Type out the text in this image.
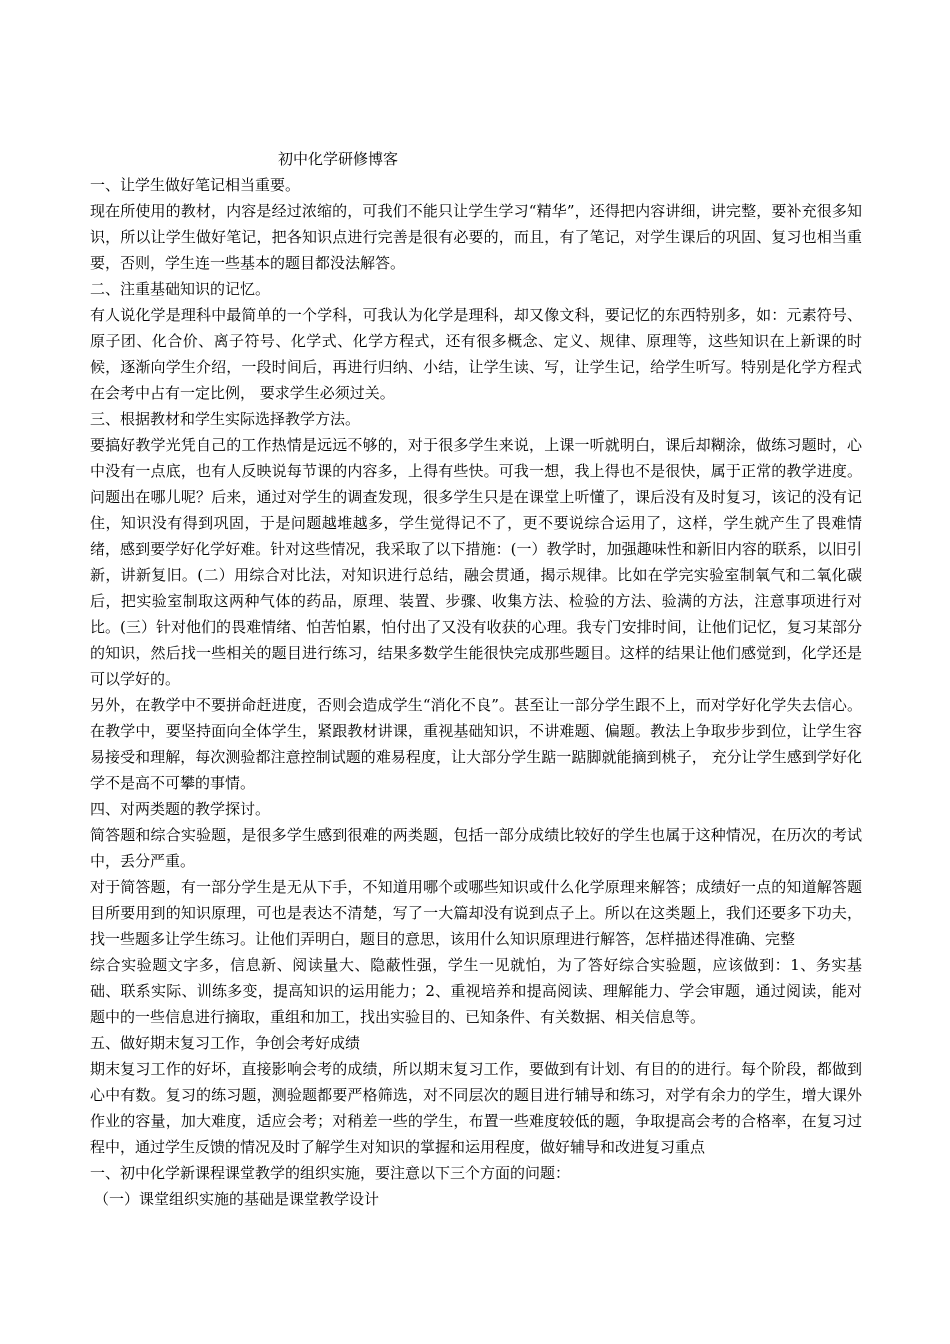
初中化学研修博客

一、让学生做好笔记相当重要。

现在所使用的教材，内容是经过浓缩的，可我们不能只让学生学习“精华”，还得把内容讲细，讲完整，要补充很多知识，所以让学生做好笔记，把各知识点进行完善是很有必要的，而且，有了笔记，对学生课后的巩固、复习也相当重要，否则，学生连一些基本的题目都没法解答。

二、注重基础知识的记忆。

有人说化学是理科中最简单的一个学科，可我认为化学是理科，却又像文科，要记忆的东西特别多，如：元素符号、原子团、化合价、离子符号、化学式、化学方程式，还有很多概念、定义、规律、原理等，这些知识在上新课的时候，逐渐向学生介绍，一段时间后，再进行归纳、小结，让学生读、写，让学生记，给学生听写。特别是化学方程式在会考中占有一定比例， 要求学生必须过关。

三、根据教材和学生实际选择教学方法。

要搞好教学光凭自己的工作热情是远远不够的，对于很多学生来说，上课一听就明白，课后却糊涂，做练习题时，心中没有一点底，也有人反映说每节课的内容多，上得有些快。可我一想，我上得也不是很快，属于正常的教学进度。问题出在哪儿呢？后来，通过对学生的调查发现，很多学生只是在课堂上听懂了，课后没有及时复习，该记的没有记住，知识没有得到巩固，于是问题越堆越多，学生觉得记不了，更不要说综合运用了，这样，学生就产生了畏难情绪，感到要学好化学好难。针对这些情况，我采取了以下措施：(一）教学时，加强趣味性和新旧内容的联系，以旧引新，讲新复旧。(二）用综合对比法，对知识进行总结，融会贯通，揭示规律。比如在学完实验室制氧气和二氧化碳后，把实验室制取这两种气体的药品，原理、装置、步骤、收集方法、检验的方法、验满的方法，注意事项进行对比。(三）针对他们的畏难情绪、怕苦怕累，怕付出了又没有收获的心理。我专门安排时间，让他们记忆，复习某部分的知识，然后找一些相关的题目进行练习，结果多数学生能很快完成那些题目。这样的结果让他们感觉到，化学还是可以学好的。

另外，在教学中不要拼命赶进度，否则会造成学生“消化不良”。甚至让一部分学生跟不上，而对学好化学失去信心。在教学中，要坚持面向全体学生，紧跟教材讲课，重视基础知识，不讲难题、偏题。教法上争取步步到位，让学生容易接受和理解，每次测验都注意控制试题的难易程度，让大部分学生踮一踮脚就能摘到桃子， 充分让学生感到学好化学不是高不可攀的事情。

四、对两类题的教学探讨。

简答题和综合实验题，是很多学生感到很难的两类题，包括一部分成绩比较好的学生也属于这种情况，在历次的考试中，丢分严重。

对于简答题，有一部分学生是无从下手，不知道用哪个或哪些知识或什么化学原理来解答；成绩好一点的知道解答题目所要用到的知识原理，可也是表达不清楚，写了一大篇却没有说到点子上。所以在这类题上，我们还要多下功夫，找一些题多让学生练习。让他们弄明白，题目的意思，该用什么知识原理进行解答，怎样描述得准确、完整

综合实验题文字多，信息新、阅读量大、隐蔽性强，学生一见就怕，为了答好综合实验题，应该做到：1、务实基础、联系实际、训练多变，提高知识的运用能力；2、重视培养和提高阅读、理解能力、学会审题，通过阅读，能对题中的一些信息进行摘取，重组和加工，找出实验目的、已知条件、有关数据、相关信息等。

五、做好期末复习工作，争创会考好成绩

期末复习工作的好坏，直接影响会考的成绩，所以期末复习工作，要做到有计划、有目的的进行。每个阶段，都做到心中有数。复习的练习题，测验题都要严格筛选，对不同层次的题目进行辅导和练习，对学有余力的学生，增大课外作业的容量，加大难度，适应会考；对稍差一些的学生，布置一些难度较低的题，争取提高会考的合格率，在复习过程中，通过学生反馈的情况及时了解学生对知识的掌握和运用程度，做好辅导和改进复习重点

一、初中化学新课程课堂教学的组织实施，要注意以下三个方面的问题：

（一）课堂组织实施的基础是课堂教学设计
